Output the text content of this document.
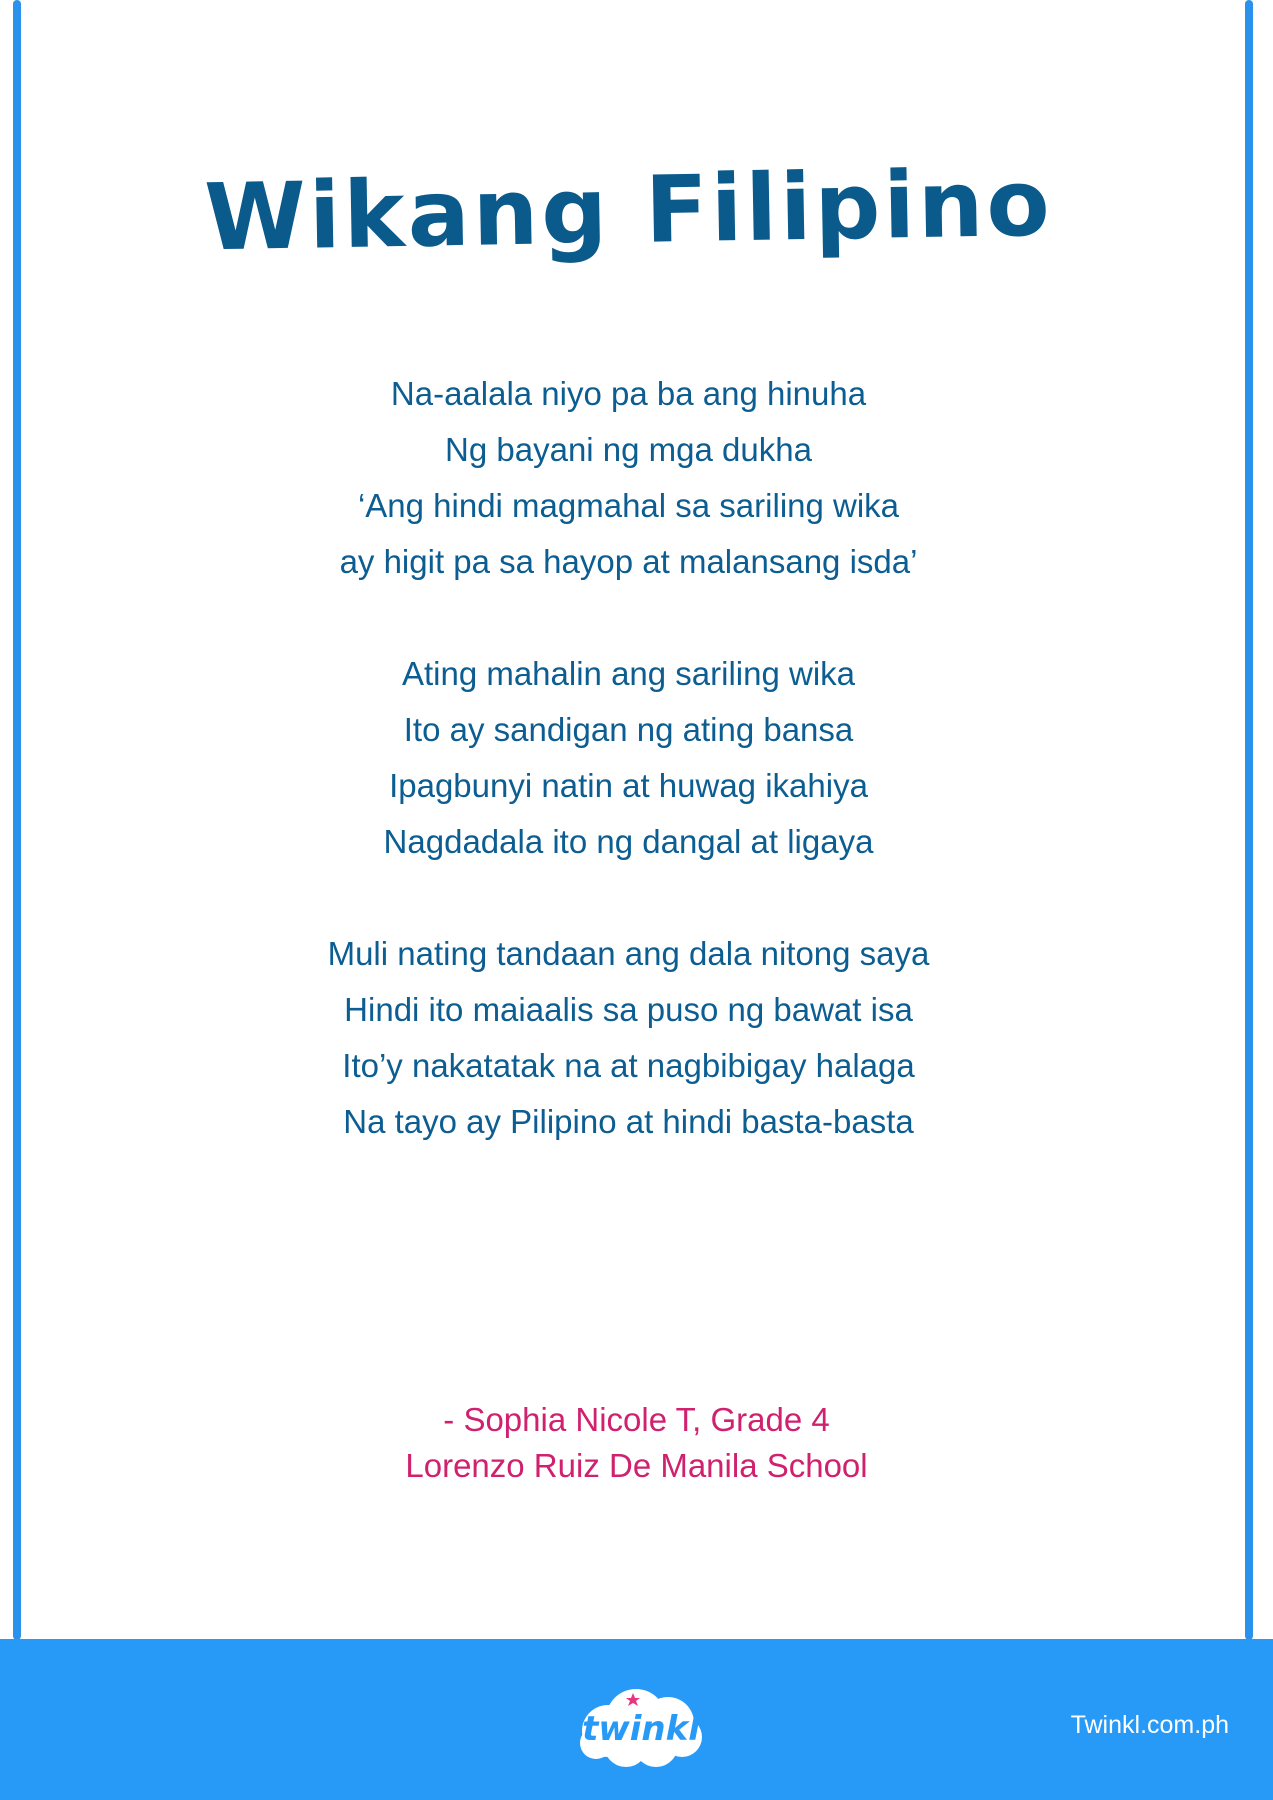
Wikang Filipino
Na-aalala niyo pa ba ang hinuha
Ng bayani ng mga dukha
‘Ang hindi magmahal sa sariling wika
ay higit pa sa hayop at malansang isda’
Ating mahalin ang sariling wika
Ito ay sandigan ng ating bansa
Ipagbunyi natin at huwag ikahiya
Nagdadala ito ng dangal at ligaya
Muli nating tandaan ang dala nitong saya
Hindi ito maiaalis sa puso ng bawat isa
Ito’y nakatatak na at nagbibigay halaga
Na tayo ay Pilipino at hindi basta-basta
- Sophia Nicole T, Grade 4
Lorenzo Ruiz De Manila School
twinkl	Twinkl.com.ph
